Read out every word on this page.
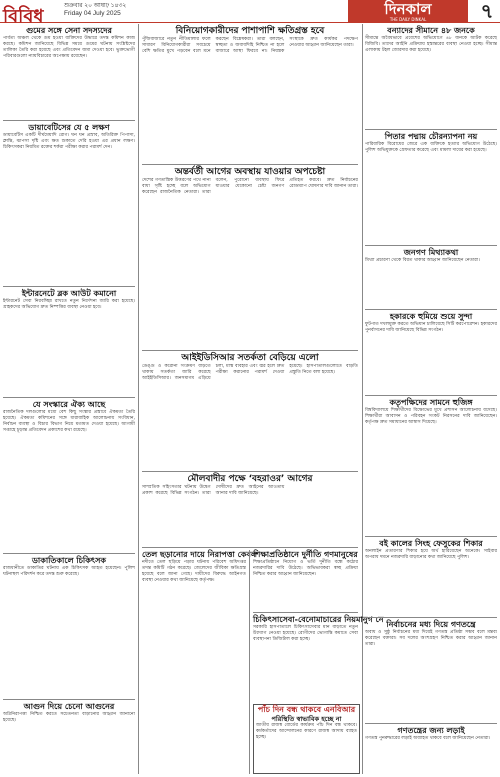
বিবিধ	শুক্রবার ২০ আষাঢ় ১৪৩২
Friday 04 July 2025	দিনকাল
THE DAILY DINKAL	৭
গুমের সঙ্গে সেনা সদস্যদের
পার্বত্য অঞ্চল থেকে গুম হওয়া ব্যক্তিদের উদ্ধারে তদন্ত কমিশন কাজ করছে। কমিশন জানিয়েছে বিভিন্ন সময়ে গুমের ঘটনায় সংশ্লিষ্টদের তালিকা তৈরি করা হয়েছে এবং প্রতিবেদন জমা দেওয়া হবে। ভুক্তভোগী পরিবারগুলো ন্যায়বিচারের অপেক্ষায় রয়েছেন।
ডায়াবেটিসের যে ৫ লক্ষণ
ডায়াবেটিস একটি দীর্ঘমেয়াদি রোগ। ঘন ঘন প্রস্রাব, অতিরিক্ত পিপাসা, ক্লান্তি, ঝাপসা দৃষ্টি এবং ক্ষত শুকাতে দেরি হওয়া এর প্রধান লক্ষণ। চিকিৎসকরা নিয়মিত রক্তের শর্করা পরীক্ষা করার পরামর্শ দেন।
ইন্টারনেটে ব্লক আউট কমানো
ইন্টারনেট সেবা নিরবচ্ছিন্ন রাখতে নতুন নির্দেশনা জারি করা হয়েছে। গ্রাহকদের অভিযোগ দ্রুত নিষ্পত্তির ব্যবস্থা নেওয়া হবে।
যে সংস্কারে ঐক্য আছে
রাজনৈতিক দলগুলোর মধ্যে বেশ কিছু সংস্কার প্রস্তাবে ঐকমত্য তৈরি হয়েছে। ঐকমত্য কমিশনের সঙ্গে ধারাবাহিক আলোচনায় সংবিধান, নির্বাচন ব্যবস্থা ও বিচার বিভাগ নিয়ে মতামত দেওয়া হয়েছে। আগামী সপ্তাহে চূড়ান্ত প্রতিবেদন প্রকাশের কথা রয়েছে।
ডাকাতিকালে চিকিৎসক
রাজধানীতে ডাকাতির ঘটনায় এক চিকিৎসক আহত হয়েছেন। পুলিশ ঘটনাস্থল পরিদর্শন করে তদন্ত শুরু করেছে।
আগুন দিয়ে চেনো আগুনের
অগ্নিনিরাপত্তা নিশ্চিত করতে সচেতনতা বাড়ানোর আহ্বান জানানো হয়েছে।
বিনিয়োগকারীদের পাশাপাশি ক্ষতিগ্রস্ত হবে
পুঁজিবাজারে নতুন নীতিমালার ফলে সাধারণ বিনিয়োগকারীরা সবচেয়ে বেশি ক্ষতির মুখে পড়বেন বলে মনে করছেন বিশ্লেষকরা। তারা বলছেন, স্বচ্ছতা ও জবাবদিহি নিশ্চিত না হলে বাজারে আস্থা ফিরবে না। নিয়ন্ত্রক সংস্থাকে দ্রুত কার্যকর পদক্ষেপ নেওয়ার আহ্বান জানিয়েছেন তারা।
অন্তর্বর্তী আগের অবস্থায় যাওয়ার অপচেষ্টা
দেশের গণতান্ত্রিক উত্তরণের পথে নানা বাধা সৃষ্টি হচ্ছে বলে অভিযোগ করেছেন রাজনৈতিক নেতারা। তারা বলেন, পুরোনো ব্যবস্থায় ফিরে যাওয়ার যেকোনো চেষ্টা জনগণ প্রতিহত করবে। দ্রুত নির্বাচনের রোডম্যাপ ঘোষণার দাবি জানান তারা।
আইইডিসিআর সতর্কতা বেড়িয়ে এলো
ডেঙ্গু ও করোনা সংক্রমণ বাড়তে থাকায় সতর্কতা জারি করেছে আইইডিসিআর। জনসমাগম এড়িয়ে চলা, মাস্ক ব্যবহার এবং জ্বর হলে দ্রুত পরীক্ষা করানোর পরামর্শ দেওয়া হয়েছে। হাসপাতালগুলোতে বাড়তি প্রস্তুতি নিতে বলা হয়েছে।
মৌলবাদীর পক্ষে ‘বহরাওর’ আগের
সাম্প্রতিক সহিংসতার ঘটনায় উদ্বেগ প্রকাশ করেছে বিভিন্ন সংগঠন। তারা দোষীদের দ্রুত আইনের আওতায় আনার দাবি জানিয়েছে।
তেল ছড়ানোর দায়ে নিরাপত্তা কেবল
নদীতে তেল ছড়িয়ে পড়ার ঘটনায় পরিবেশ অধিদপ্তর তদন্ত কমিটি গঠন করেছে। জেলেদের জীবিকা ক্ষতিগ্রস্ত হয়েছে বলে জানা গেছে। দায়ীদের বিরুদ্ধে আইনগত ব্যবস্থা নেওয়ার কথা জানিয়েছে কর্তৃপক্ষ।
শিক্ষাপ্রতিষ্ঠানে দুর্নীতি গণমানুষের
শিক্ষাপ্রতিষ্ঠানে নিয়োগ ও ভর্তি দুর্নীতি বন্ধে কঠোর নজরদারির দাবি উঠেছে। অভিভাবকরা স্বচ্ছ প্রক্রিয়া নিশ্চিত করার আহ্বান জানিয়েছেন।
চিকিৎসাসেবা-বেনোমাচারের নিয়মানুগ নে
সরকারি হাসপাতালে চিকিৎসাসেবার মান বাড়াতে নতুন উদ্যোগ নেওয়া হয়েছে। রোগীদের ভোগান্তি কমাতে সেবা ব্যবস্থাপনা ডিজিটাল করা হচ্ছে।
পাঁচ দিন বন্ধ থাকবে এনবিআর
পরিস্থিতি স্বাভাবিক হচ্ছে না
জাতীয় রাজস্ব বোর্ডের কার্যক্রম পাঁচ দিন বন্ধ থাকবে। কর্মকর্তাদের আন্দোলনের কারণে রাজস্ব আদায় ব্যাহত হচ্ছে।
বন্যাদের সীমানে ৪৮ জনকে
সীমান্তে অবৈধভাবে প্রবেশের অভিযোগে ৪৮ জনকে আটক করেছে বিজিবি। তাদের আইনি প্রক্রিয়ায় হস্তান্তরের ব্যবস্থা নেওয়া হচ্ছে। সীমান্ত এলাকায় টহল জোরদার করা হয়েছে।
পিতার পদ্মায় চৌরন্যাপনা নয়
পারিবারিক বিরোধের জেরে এক ব্যক্তিকে হত্যার অভিযোগ উঠেছে। পুলিশ অভিযুক্তকে গ্রেফতার করেছে এবং মামলা দায়ের করা হয়েছে।
জনগণ মিথ্যাকথা
মিথ্যা প্রচারণা থেকে বিরত থাকার আহ্বান জানিয়েছেন নেতারা।
হকারকে হুমিয়ে শুয়ে সুন্দা
ফুটপাত দখলমুক্ত করতে অভিযান চালিয়েছে সিটি করপোরেশন। হকারদের পুনর্বাসনের দাবি জানিয়েছে বিভিন্ন সংগঠন।
কতৃপক্ষিদের সামনে হুজিঙ্গ
বিশ্ববিদ্যালয়ে শিক্ষার্থীদের বিক্ষোভের মুখে প্রশাসন আলোচনায় বসেছে। শিক্ষার্থীরা আবাসন ও পরিবহন সংকট নিরসনের দাবি জানিয়েছেন। কর্তৃপক্ষ দ্রুত সমাধানের আশ্বাস দিয়েছে।
বই কালের সিংহ ফেসুকের শিকার
অনলাইন প্রতারণার শিকার হয়ে অর্থ হারিয়েছেন অনেকে। সাইবার অপরাধ দমনে নজরদারি বাড়ানোর কথা জানিয়েছে পুলিশ।
নির্বাচনের মধ্য দিয়ে গণতন্ত্রে
অবাধ ও সুষ্ঠু নির্বাচনের মধ্য দিয়েই গণতন্ত্র প্রতিষ্ঠা সম্ভব বলে মন্তব্য করেছেন বক্তারা। সব দলের অংশগ্রহণ নিশ্চিত করার আহ্বান জানান তারা।
গণতন্ত্রের জন্য লড়াই
গণতন্ত্র পুনরুদ্ধারের লড়াই অব্যাহত থাকবে বলে জানিয়েছেন নেতারা।
